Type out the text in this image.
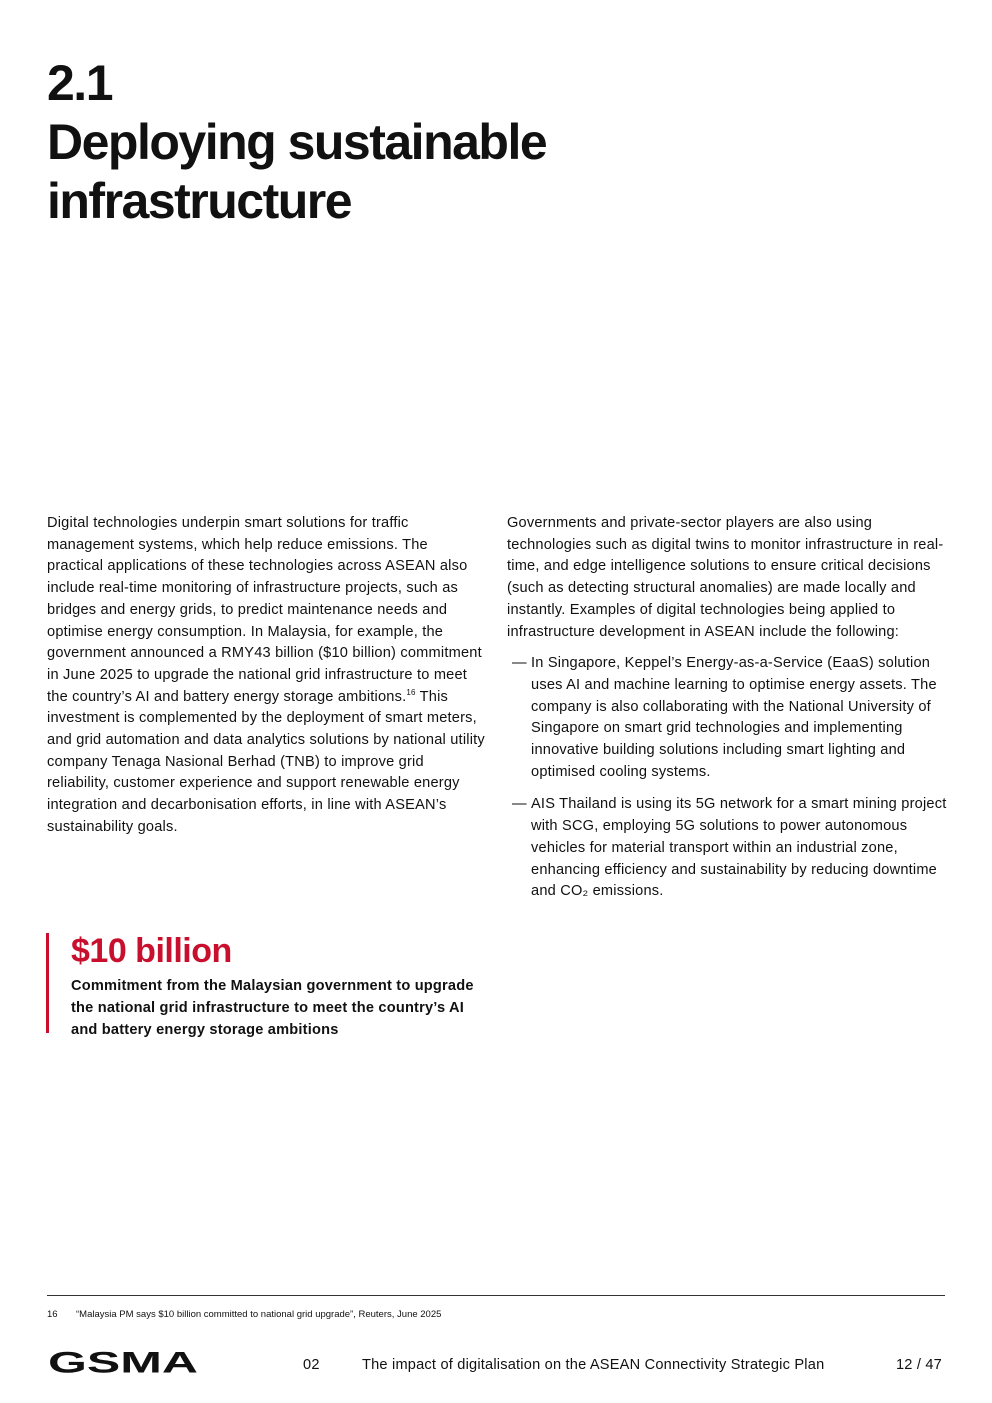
2.1
Deploying sustainable
infrastructure

Digital technologies underpin smart solutions for traffic management systems, which help reduce emissions. The practical applications of these technologies across ASEAN also include real-time monitoring of infrastructure projects, such as bridges and energy grids, to predict maintenance needs and optimise energy consumption. In Malaysia, for example, the government announced a RMY43 billion ($10 billion) commitment in June 2025 to upgrade the national grid infrastructure to meet the country’s AI and battery energy storage ambitions.$^{16}$ This investment is complemented by the deployment of smart meters, and grid automation and data analytics solutions by national utility company Tenaga Nasional Berhad (TNB) to improve grid reliability, customer experience and support renewable energy integration and decarbonisation efforts, in line with ASEAN’s sustainability goals.

Governments and private-sector players are also using technologies such as digital twins to monitor infrastructure in real-time, and edge intelligence solutions to ensure critical decisions (such as detecting structural anomalies) are made locally and instantly. Examples of digital technologies being applied to infrastructure development in ASEAN include the following:

— In Singapore, Keppel’s Energy-as-a-Service (EaaS) solution uses AI and machine learning to optimise energy assets. The company is also collaborating with the National University of Singapore on smart grid technologies and implementing innovative building solutions including smart lighting and optimised cooling systems.
— AIS Thailand is using its 5G network for a smart mining project with SCG, employing 5G solutions to power autonomous vehicles for material transport within an industrial zone, enhancing efficiency and sustainability by reducing downtime and CO₂ emissions.

$10 billion

Commitment from the Malaysian government to upgrade the national grid infrastructure to meet the country’s AI and battery energy storage ambitions

16 “Malaysia PM says $10 billion committed to national grid upgrade”, Reuters, June 2025
GSMA	02	The impact of digitalisation on the ASEAN Connectivity Strategic Plan	12 / 47
